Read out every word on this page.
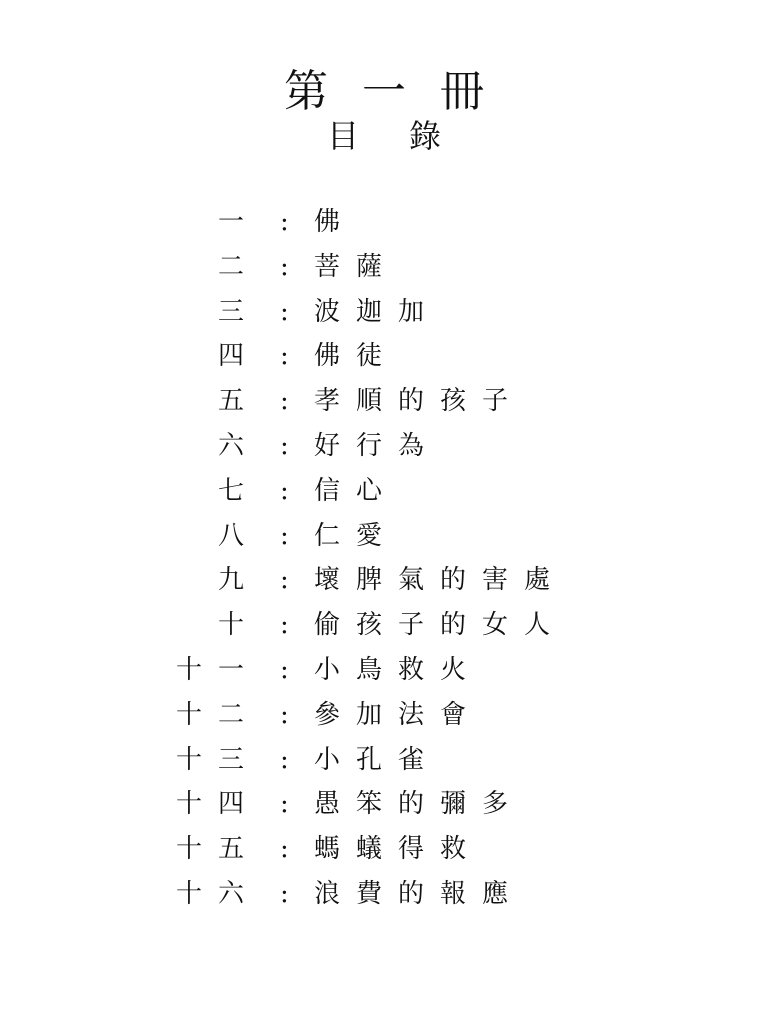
第 一 冊
目 錄
一 : 佛
二 : 菩薩
三 : 波迦加
四 : 佛徒
五 : 孝順的孩子
六 : 好行為
七 : 信心
八 : 仁愛
九 : 壞脾氣的害處
十 : 偷孩子的女人
十一 : 小鳥救火
十二 : 參加法會
十三 : 小孔雀
十四 : 愚笨的彌多
十五 : 螞蟻得救
十六 : 浪費的報應
